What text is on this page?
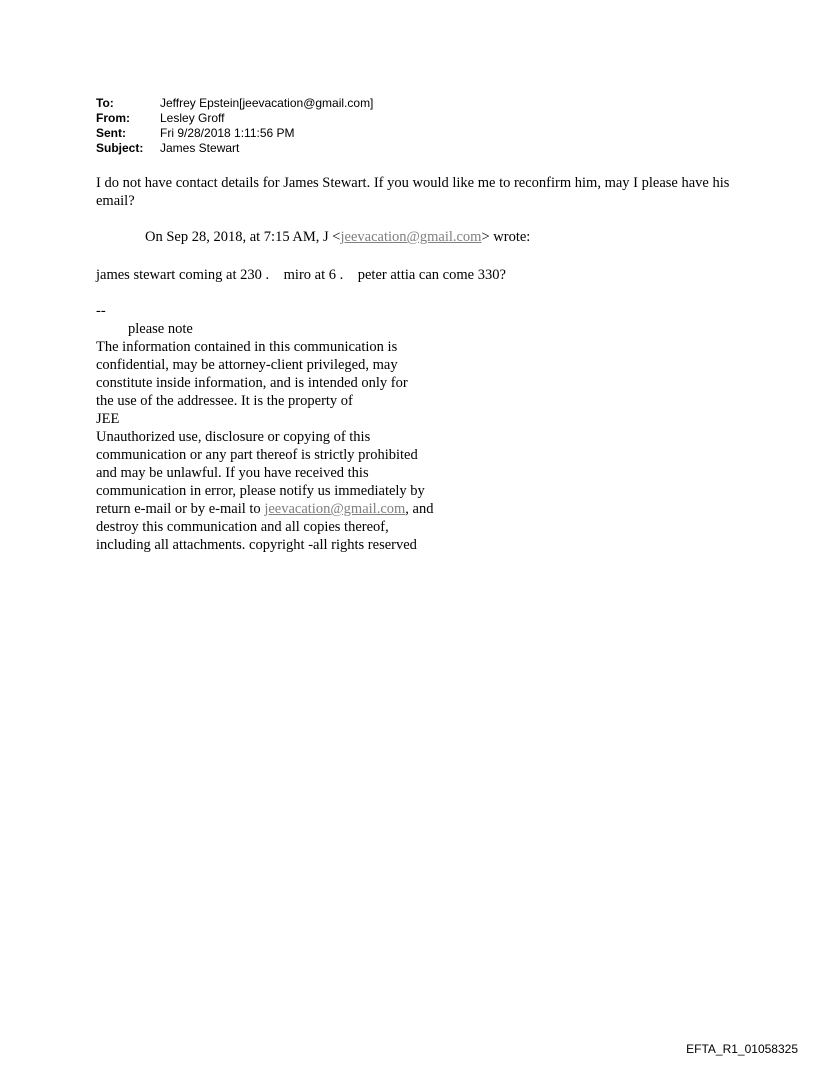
To:	Jeffrey Epstein[jeevacation@gmail.com]
From:	Lesley Groff
Sent:	Fri 9/28/2018 1:11:56 PM
Subject:	James Stewart
I do not have contact details for James Stewart. If you would like me to reconfirm him, may I please have his email?
On Sep 28, 2018, at 7:15 AM, J <jeevacation@gmail.com> wrote:
james stewart coming at 230 .    miro at 6 .    peter attia can come 330?
--
please note
The information contained in this communication is
confidential, may be attorney-client privileged, may
constitute inside information, and is intended only for
the use of the addressee. It is the property of
JEE
Unauthorized use, disclosure or copying of this
communication or any part thereof is strictly prohibited
and may be unlawful. If you have received this
communication in error, please notify us immediately by
return e-mail or by e-mail to jeevacation@gmail.com, and
destroy this communication and all copies thereof,
including all attachments. copyright -all rights reserved
EFTA_R1_01058325
